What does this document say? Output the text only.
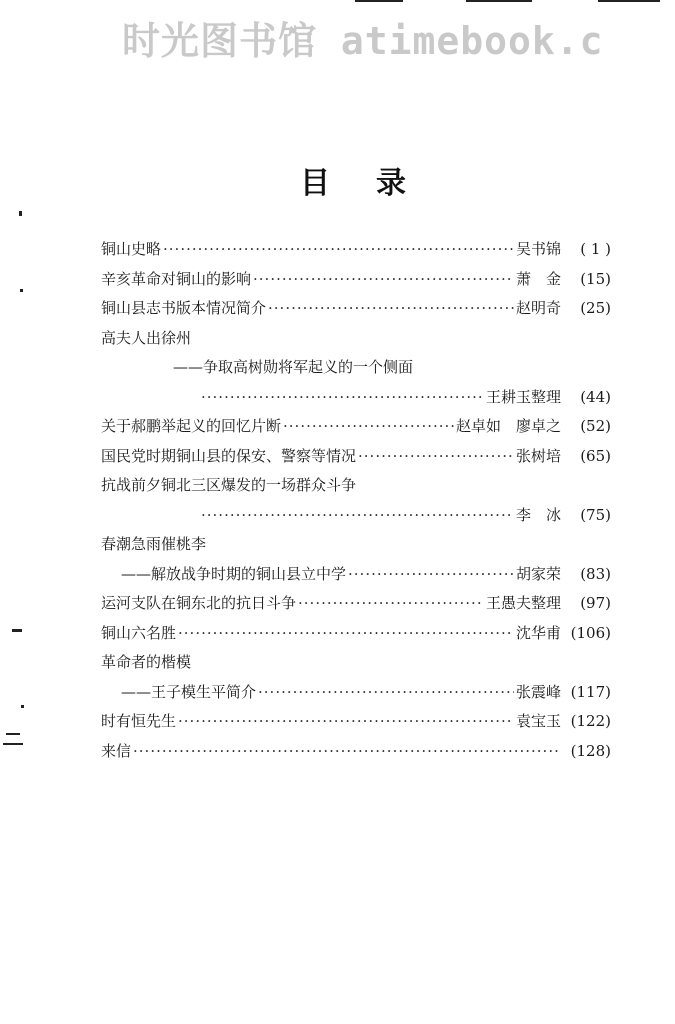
时光图书馆 atimebook.c
目录
铜山史略 ·····	吴书锦	( 1 )
辛亥革命对铜山的影响 ·····	萧　金	(15)
铜山县志书版本情况简介 ·····	赵明奇	(25)
高夫人出徐州
——争取高树勋将军起义的一个侧面
·····
王耕玉整理	(44)
关于郝鹏举起义的回忆片断 ·····	赵卓如　廖卓之	(52)
国民党时期铜山县的保安、警察等情况 ·····	张树培	(65)
抗战前夕铜北三区爆发的一场群众斗争
·····
李　冰	(75)
春潮急雨催桃李
——解放战争时期的铜山县立中学 ·····	胡家荣	(83)
运河支队在铜东北的抗日斗争 ·····	王愚夫整理	(97)
铜山六名胜 ·····	沈华甫 (106)
革命者的楷模
——王子模生平简介 ·····	张震峰 (117)
时有恒先生 ·····	袁宝玉 (122)
来信 ·····	(128)
